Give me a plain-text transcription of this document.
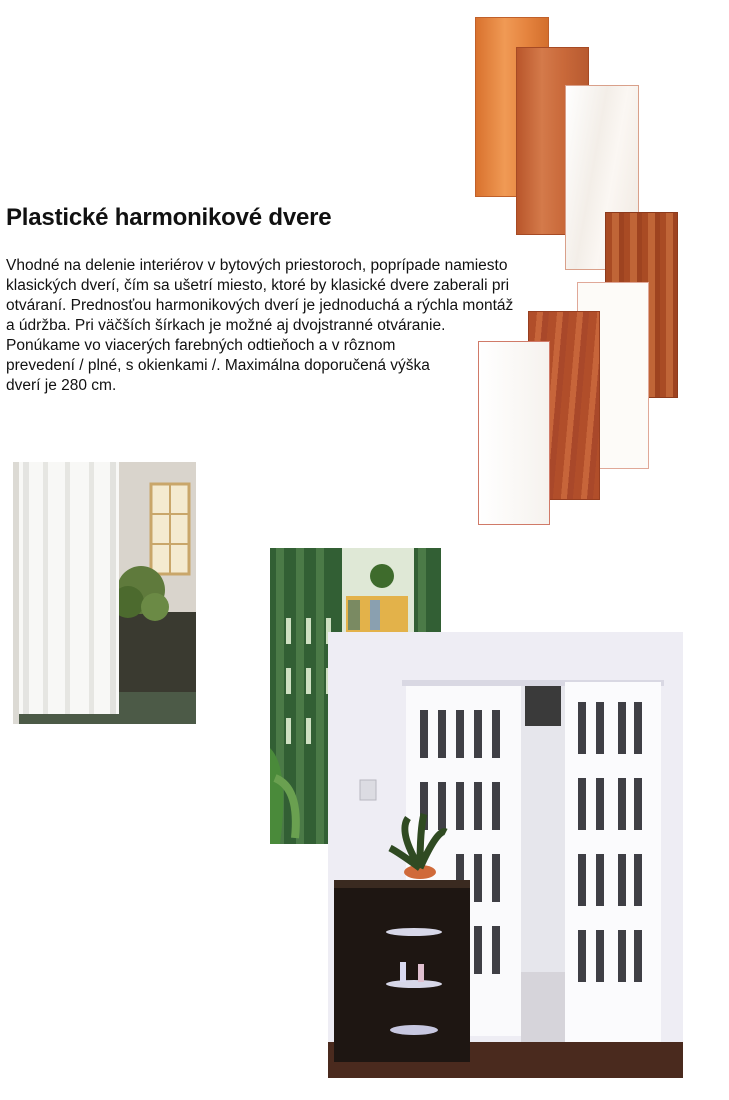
Plastické harmonikové dvere

Vhodné na delenie interiérov v bytových priestoroch, poprípade namiesto
klasických dverí, čím sa ušetrí miesto, ktoré by klasické dvere zaberali pri
otváraní. Prednosťou harmonikových dverí je jednoduchá a rýchla montáž
a údržba. Pri väčších šírkach je možné aj dvojstranné otváranie.
Ponúkame vo viacerých farebných odtieňoch a v rôznom
prevedení / plné, s okienkami /. Maximálna doporučená výška
dverí je 280 cm.
